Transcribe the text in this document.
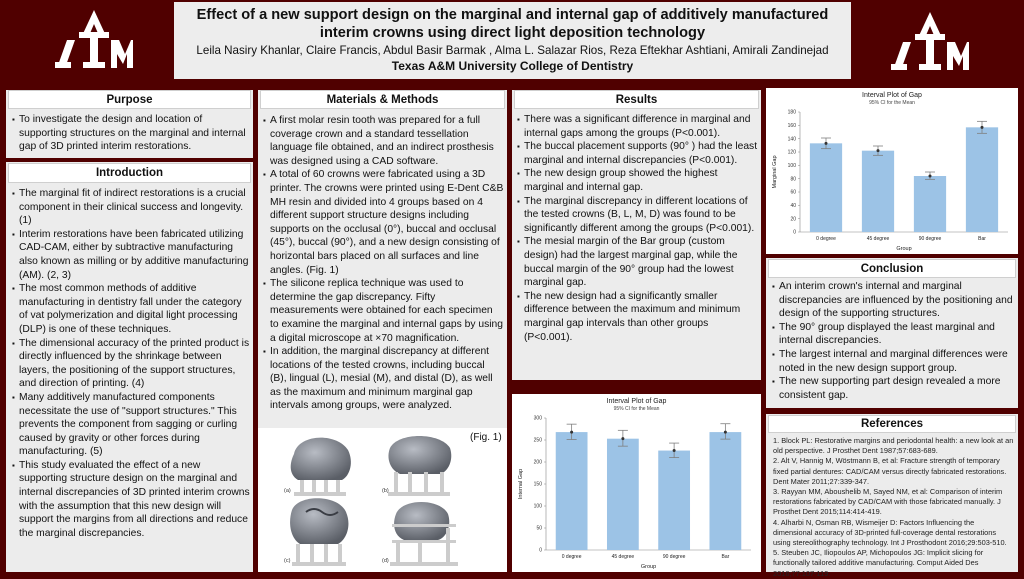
Effect of a new support design on the marginal and internal gap of additively manufactured interim crowns using direct light deposition technology
Leila Nasiry Khanlar, Claire Francis, Abdul Basir Barmak , Alma L. Salazar Rios, Reza Eftekhar Ashtiani, Amirali Zandinejad
Texas A&M University College of Dentistry
Purpose
▪ To investigate the design and location of supporting structures on the marginal and internal gap of 3D printed interim restorations.
Introduction
▪ The marginal fit of indirect restorations is a crucial component in their clinical success and longevity. (1)
▪ Interim restorations have been fabricated utilizing CAD-CAM, either by subtractive manufacturing also known as milling or by additive manufacturing (AM). (2, 3)
▪ The most common methods of additive manufacturing in dentistry fall under the category of vat polymerization and digital light processing (DLP) is one of these techniques.
▪ The dimensional accuracy of the printed product is directly influenced by the shrinkage between layers, the positioning of the support structures, and direction of printing. (4)
▪ Many additively manufactured components necessitate the use of "support structures." This prevents the component from sagging or curling caused by gravity or other forces during manufacturing. (5)
▪ This study evaluated the effect of a new supporting structure design on the marginal and internal discrepancies of 3D printed interim crowns with the assumption that this new design will support the margins from all directions and reduce the marginal discrepancies.
Materials & Methods
▪ A first molar resin tooth was prepared for a full coverage crown and a standard tessellation language file obtained, and an indirect prosthesis was designed using a CAD software.
▪ A total of 60 crowns were fabricated using a 3D printer. The crowns were printed using E-Dent C&B MH resin and divided into 4 groups based on 4 different support structure designs including supports on the occlusal (0°), buccal and occlusal (45°), buccal (90°), and a new design consisting of horizontal bars placed on all surfaces and line angles. (Fig. 1)
▪ The silicone replica technique was used to determine the gap discrepancy. Fifty measurements were obtained for each specimen to examine the marginal and internal gaps by using a digital microscope at ×70 magnification.
▪ In addition, the marginal discrepancy at different locations of the tested crowns, including buccal (B), lingual (L), mesial (M), and distal (D), as well as the maximum and minimum marginal gap intervals among groups, were analyzed.
(a)	(b)
(c)	(d)
(Fig. 1)
Results
▪ There was a significant difference in marginal and internal gaps among the groups (P<0.001).
▪ The buccal placement supports (90° ) had the least marginal and internal discrepancies (P<0.001).
▪ The new design group showed the highest marginal and internal gap.
▪ The marginal discrepancy in different locations of the tested crowns (B, L, M, D) was found to be significantly different among the groups (P<0.001).
▪ The mesial margin of the Bar group (custom design) had the largest marginal gap, while the buccal margin of the 90° group had the lowest marginal gap.
▪ The new design had a significantly smaller difference between the maximum and minimum marginal gap intervals than other groups (P<0.001).
Interval Plot of Gap
95% CI for the Mean
0
50
100
150
200
250
300
0 degree	45 degree	90 degree	Bar
Group
Internal Gap
Interval Plot of Gap
95% CI for the Mean
0
20
40
60
80
100
120
140
160
180
0 degree	45 degree	90 degree	Bar
Group
Marginal Gap
Conclusion
▪ An interim crown's internal and marginal discrepancies are influenced by the positioning and design of the supporting structures.
▪ The 90° group displayed the least marginal and internal discrepancies.
▪ The largest internal and marginal differences were noted in the new design support group.
▪ The new supporting part design revealed a more consistent gap.
References
1. Block PL: Restorative margins and periodontal health: a new look at an old perspective. J Prosthet Dent 1987;57:683-689.
2. Alt V, Hannig M, Wöstmann B, et al: Fracture strength of temporary fixed partial dentures: CAD/CAM versus directly fabricated restorations. Dent Mater 2011;27:339-347.
3. Rayyan MM, Aboushelib M, Sayed NM, et al: Comparison of interim restorations fabricated by CAD/CAM with those fabricated manually. J Prosthet Dent 2015;114:414-419.
4. Alharbi N, Osman RB, Wismeijer D: Factors Influencing the dimensional accuracy of 3D-printed full-coverage dental restorations using stereolithography technology. Int J Prosthodont 2016;29:503-510.
5. Steuben JC, Iliopoulos AP, Michopoulos JG: Implicit slicing for functionally tailored additive manufacturing. Comput Aided Des 2016;77:107-119.
